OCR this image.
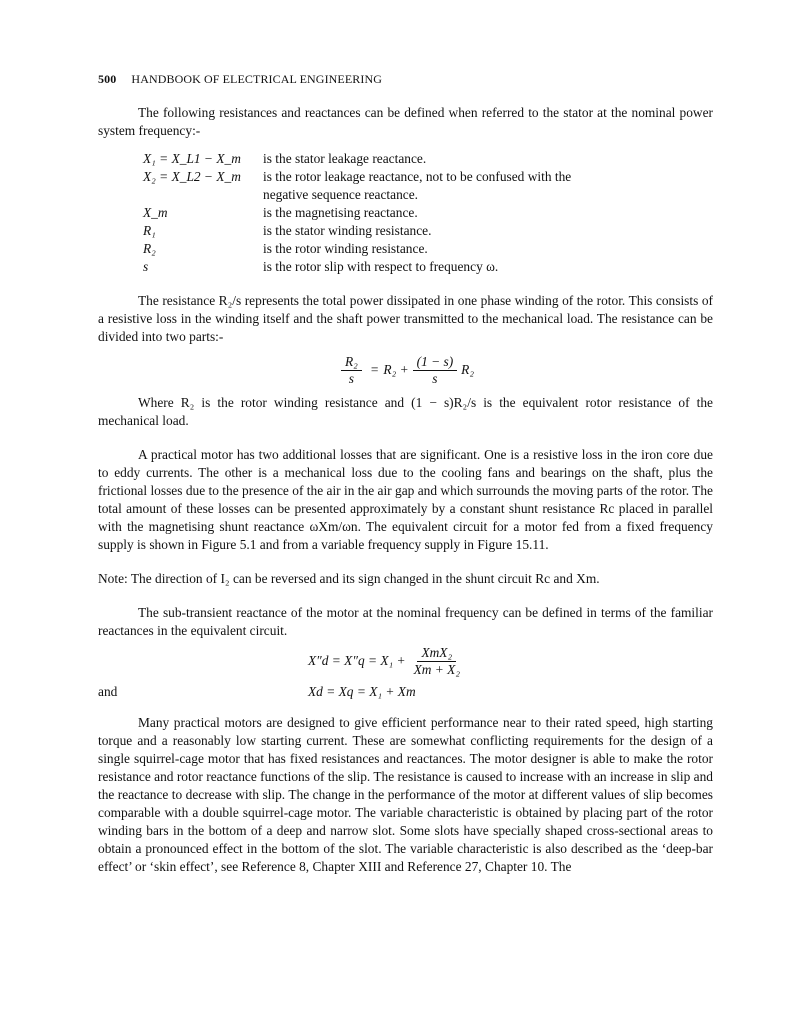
500 HANDBOOK OF ELECTRICAL ENGINEERING

The following resistances and reactances can be defined when referred to the stator at the nominal power system frequency:-

X₁ = X_L1 − X_m	is the stator leakage reactance.
X₂ = X_L2 − X_m	is the rotor leakage reactance, not to be confused with the
negative sequence reactance.
X_m	is the magnetising reactance.
R₁	is the stator winding resistance.
R₂	is the rotor winding resistance.
s	is the rotor slip with respect to frequency ω.

The resistance R₂/s represents the total power dissipated in one phase winding of the rotor. This consists of a resistive loss in the winding itself and the shaft power transmitted to the mechanical load. The resistance can be divided into two parts:-

$\frac{\text{R₂}}{s} = R_2 + \frac{(1 - s)}{s} R_2$

Where R₂ is the rotor winding resistance and (1 − s)R₂/s is the equivalent rotor resistance of the mechanical load.

A practical motor has two additional losses that are significant. One is a resistive loss in the iron core due to eddy currents. The other is a mechanical loss due to the cooling fans and bearings on the shaft, plus the frictional losses due to the presence of the air in the air gap and which surrounds the moving parts of the rotor. The total amount of these losses can be presented approximately by a constant shunt resistance Rc placed in parallel with the magnetising shunt reactance ωXm/ωn. The equivalent circuit for a motor fed from a fixed frequency supply is shown in Figure 5.1 and from a variable frequency supply in Figure 15.11.

Note: The direction of I₂ can be reversed and its sign changed in the shunt circuit Rc and Xm.

The sub-transient reactance of the motor at the nominal frequency can be defined in terms of the familiar reactances in the equivalent circuit.

$X''d = X''q = X_1 + \frac{\text{XmX₂}}{\text{Xm + X₂}}$
and	Xd = Xq = X₁ + Xm

Many practical motors are designed to give efficient performance near to their rated speed, high starting torque and a reasonably low starting current. These are somewhat conflicting requirements for the design of a single squirrel-cage motor that has fixed resistances and reactances. The motor designer is able to make the rotor resistance and rotor reactance functions of the slip. The resistance is caused to increase with an increase in slip and the reactance to decrease with slip. The change in the performance of the motor at different values of slip becomes comparable with a double squirrel-cage motor. The variable characteristic is obtained by placing part of the rotor winding bars in the bottom of a deep and narrow slot. Some slots have specially shaped cross-sectional areas to obtain a pronounced effect in the bottom of the slot. The variable characteristic is also described as the ‘deep-bar effect’ or ‘skin effect’, see Reference 8, Chapter XIII and Reference 27, Chapter 10. The
